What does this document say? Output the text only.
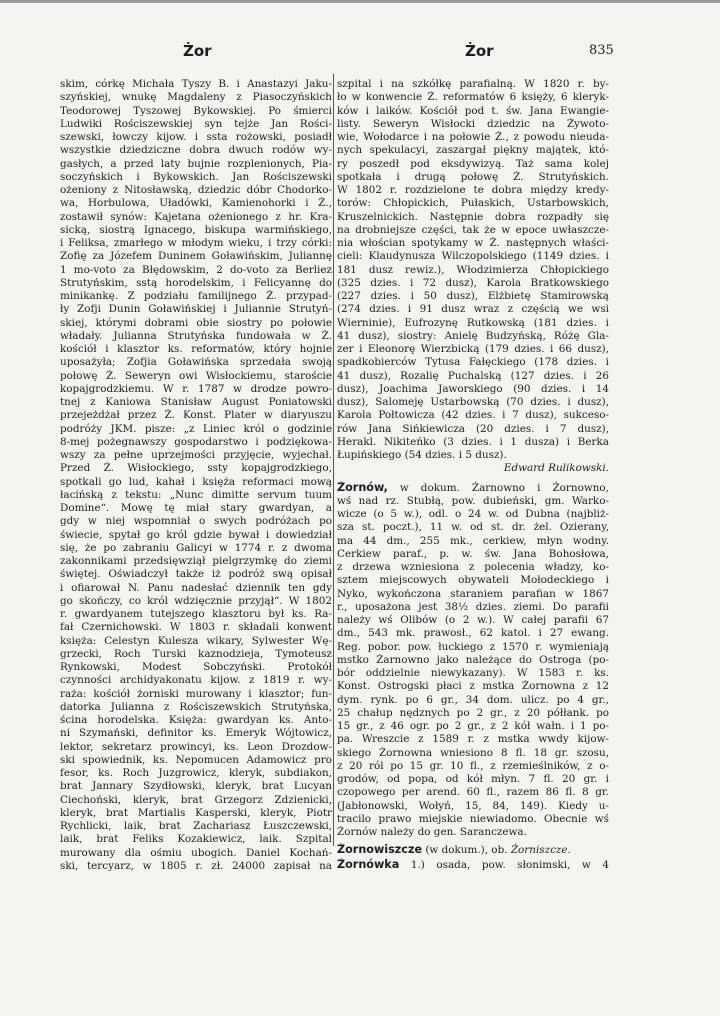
Żor	Żor	835

skim, córkę Michała Tyszy B. i Anastazyi Jaku-

szyńskiej, wnukę Magdaleny z Piasoczyńskich

Teodorowej Tyszowej Bykowskiej. Po śmierci

Ludwiki Rościszewskiej syn tejże Jan Rości-

szewski, łowczy kijow. i ssta rożowski, posiadł

wszystkie dziedziczne dobra dwuch rodów wy-

gasłych, a przed laty bujnie rozplenionych, Pia-

soczyńskich i Bykowskich. Jan Rościszewski

ożeniony z Nitosławską, dziedzic dóbr Chodorko-

wa, Horbulowa, Uładówki, Kamienohorki i Ż.,

zostawił synów: Kajetana ożenionego z hr. Kra-

sicką, siostrą Ignacego, biskupa warmińskiego,

i Feliksa, zmarłego w młodym wieku, i trzy córki:

Zofię za Józefem Duninem Goławińskim, Juliannę

1 mo-voto za Błędowskim, 2 do-voto za Berliez

Strutyńskim, sstą horodelskim, i Felicyannę do

minikankę. Z podziału familijnego Ż. przypad-

ły Zofji Dunin Goławińskiej i Juliannie Strutyń-

skiej, którymi dobrami obie siostry po połowie

władały. Julianna Strutyńska fundowała w Ż.

kościół i klasztor ks. reformatów, który hojnie

uposażyła; Zofjia Goławińska sprzedała swoją

połowę Ż. Seweryn owi Wisłockiemu, staroście

kopajgrodzkiemu. W r. 1787 w drodze powro-

tnej z Kaniowa Stanisław August Poniatowski

przejeżdżał przez Ż. Konst. Plater w diaryuszu

podróży JKM. pisze: „z Liniec król o godzinie

8-mej pożegnawszy gospodarstwo i podziękowa-

wszy za pełne uprzejmości przyjęcie, wyjechał.

Przed Ż. Wisłockiego, ssty kopajgrodzkiego,

spotkali go lud, kahał i księża reformaci mową

łacińską z tekstu: „Nunc dimitte servum tuum

Domine“. Mowę tę miał stary gwardyan, a

gdy w niej wspomniał o swych podróżach po

świecie, spytał go król gdzie bywał i dowiedział

się, że po zabraniu Galicyi w 1774 r. z dwoma

zakonnikami przedsięwziął pielgrzymkę do ziemi

świętej. Oświadczył także iż podróż swą opisał

i ofiarował N. Panu nadesłać dziennik ten gdy

go skończy, co król wdzięcznie przyjął“. W 1802

r. gwardyanem tutejszego klasztoru był ks. Ra-

fał Czernichowski. W 1803 r. składali konwent

księża: Celestyn Kulesza wikary, Sylwester Wę-

grzecki, Roch Turski kaznodzieja, Tymoteusz

Rynkowski, Modest Sobczyński. Protokół

czynności archidyakonatu kijow. z 1819 r. wy-

raża: kościół żorniski murowany i klasztor; fun-

datorka Julianna z Rościszewskich Strutyńska,

ścina horodelska. Księża: gwardyan ks. Anto-

ni Szymański, definitor ks. Emeryk Wójtowicz,

lektor, sekretarz prowincyi, ks. Leon Drozdow-

ski spowiednik, ks. Nepomucen Adamowicz pro

fesor, ks. Roch Juzgrowicz, kleryk, subdiakon,

brat Jannary Szydłowski, kleryk, brat Lucyan

Ciechoński, kleryk, brat Grzegorz Zdzienicki,

kleryk, brat Martialis Kasperski, kleryk, Piotr

Rychlicki, laik, brat Zachariasz Łuszczewski,

laik, brat Feliks Kozakiewicz, laik. Szpital

murowany dla ośmiu ubogich. Daniel Kochań-

ski, tercyarz, w 1805 r. zł. 24000 zapisał na

szpital i na szkółkę parafialną. W 1820 r. by-

ło w konwencie Ż. reformatów 6 księży, 6 kleryk-

ków i laików. Kościół pod t. św. Jana Ewangie-

listy. Seweryn Wisłocki dziedzic na Żywoto-

wie, Wołodarce i na połowie Ż., z powodu nieuda-

nych spekulacyi, zaszargał piękny majątek, któ-

ry poszedł pod eksdywizyą. Taż sama kolej

spotkała i drugą połowę Ż. Strutyńskich.

W 1802 r. rozdzielone te dobra między kredy-

torów: Chłopickich, Pułaskich, Ustarbowskich,

Kruszelnickich. Następnie dobra rozpadły się

na drobniejsze części, tak że w epoce uwłaszcze-

nia włościan spotykamy w Ż. następnych właści-

cieli: Klaudynusza Wilczopolskiego (1149 dzies. i

181 dusz rewiz.), Włodzimierza Chłopickiego

(325 dzies. i 72 dusz), Karola Bratkowskiego

(227 dzies. i 50 dusz), Elżbietę Stamirowską

(274 dzies. i 91 dusz wraz z częścią we wsi

Wierninie), Eufrozynę Rutkowską (181 dzies. i

41 dusz), siostry: Anielę Budzyńską, Różę Gla-

zer i Eleonorę Wierzbicką (179 dzies. i 66 dusz),

spadkobierców Tytusa Fałęckiego (178 dzies. i

41 dusz), Rozalię Puchalską (127 dzies. i 26

dusz), Joachima Jaworskiego (90 dzies. i 14

dusz), Salomeję Ustarbowską (70 dzies. i dusz),

Karola Połtowicza (42 dzies. i 7 dusz), sukceso-

rów Jana Sińkiewicza (20 dzies. i 7 dusz),

Herakl. Nikiteńko (3 dzies. i 1 dusza) i Berka

Łupińskiego (54 dzies. i 5 dusz).

Edward Rulikowski.

Żornów, w dokum. Żarnowno i Żornowno,

wś nad rz. Stubłą, pow. dubieński, gm. Warko-

wicze (o 5 w.), odl. o 24 w. od Dubna (najbliż-

sza st. poczt.), 11 w. od st. dr. żel. Ozierany,

ma 44 dm., 255 mk., cerkiew, młyn wodny.

Cerkiew paraf., p. w. św. Jana Bohosłowa,

z drzewa wzniesiona z polecenia władzy, ko-

sztem miejscowych obywateli Mołodeckiego i

Nyko, wykończona staraniem parafian w 1867

r., uposażona jest 38½ dzies. ziemi. Do parafii

należy wś Olibów (o 2 w.). W całej parafii 67

dm., 543 mk. prawosł., 62 katol. i 27 ewang.

Reg. pobor. pow. łuckiego z 1570 r. wymieniają

mstko Żarnowno jako należące do Ostroga (po-

bór oddzielnie niewykazany). W 1583 r. ks.

Konst. Ostrogski płaci z mstka Żornowna z 12

dym. rynk. po 6 gr., 34 dom. ulicz. po 4 gr.,

25 chałup nędznych po 2 gr., z 20 półłank. po

15 gr., z 46 ogr. po 2 gr., z 2 kół wałn. i 1 po-

pa. Wreszcie z 1589 r. z mstka wwdy kijow-

skiego Żornowna wniesiono 8 fl. 18 gr. szosu,

z 20 ról po 15 gr. 10 fl., z rzemieślników, z o-

grodów, od popa, od kół młyn. 7 fl. 20 gr. i

czopowego per arend. 60 fl., razem 86 fl. 8 gr.

(Jabłonowski, Wołyń, 15, 84, 149). Kiedy u-

tracilo prawo miejskie niewiadomo. Obecnie wś

Żornów należy do gen. Saranczewa.

Żornowiszcze (w dokum.), ob. Żorniszcze.

Żornówka 1.) osada, pow. słonimski, w 4
